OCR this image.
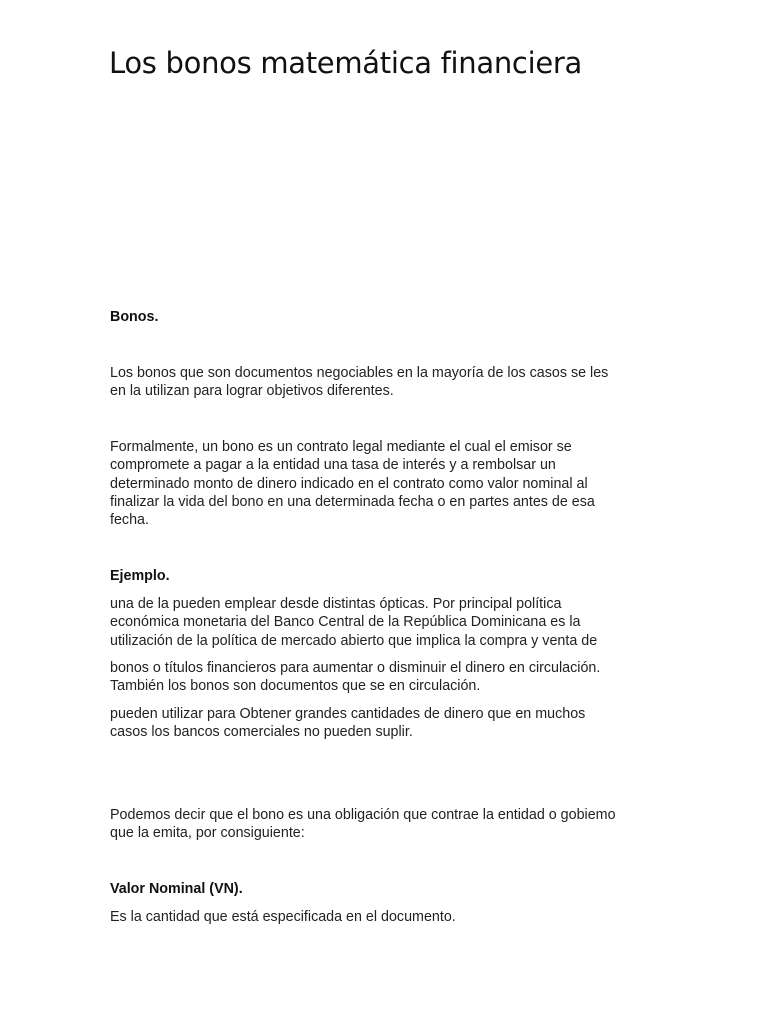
Los bonos matemática financiera

Bonos.

Los bonos que son documentos negociables en la mayoría de los casos se les
en la utilizan para lograr objetivos diferentes.

Formalmente, un bono es un contrato legal mediante el cual el emisor se
compromete a pagar a la entidad una tasa de interés y a rembolsar un
determinado monto de dinero indicado en el contrato como valor nominal al
finalizar la vida del bono en una determinada fecha o en partes antes de esa
fecha.

Ejemplo.

una de la pueden emplear desde distintas ópticas. Por principal política
económica monetaria del Banco Central de la República Dominicana es la
utilización de la política de mercado abierto que implica la compra y venta de

bonos o títulos financieros para aumentar o disminuir el dinero en circulación.
También los bonos son documentos que se en circulación.

pueden utilizar para Obtener grandes cantidades de dinero que en muchos
casos los bancos comerciales no pueden suplir.

Podemos decir que el bono es una obligación que contrae la entidad o gobiemo
que la emita, por consiguiente:

Valor Nominal (VN).

Es la cantidad que está especificada en el documento.
